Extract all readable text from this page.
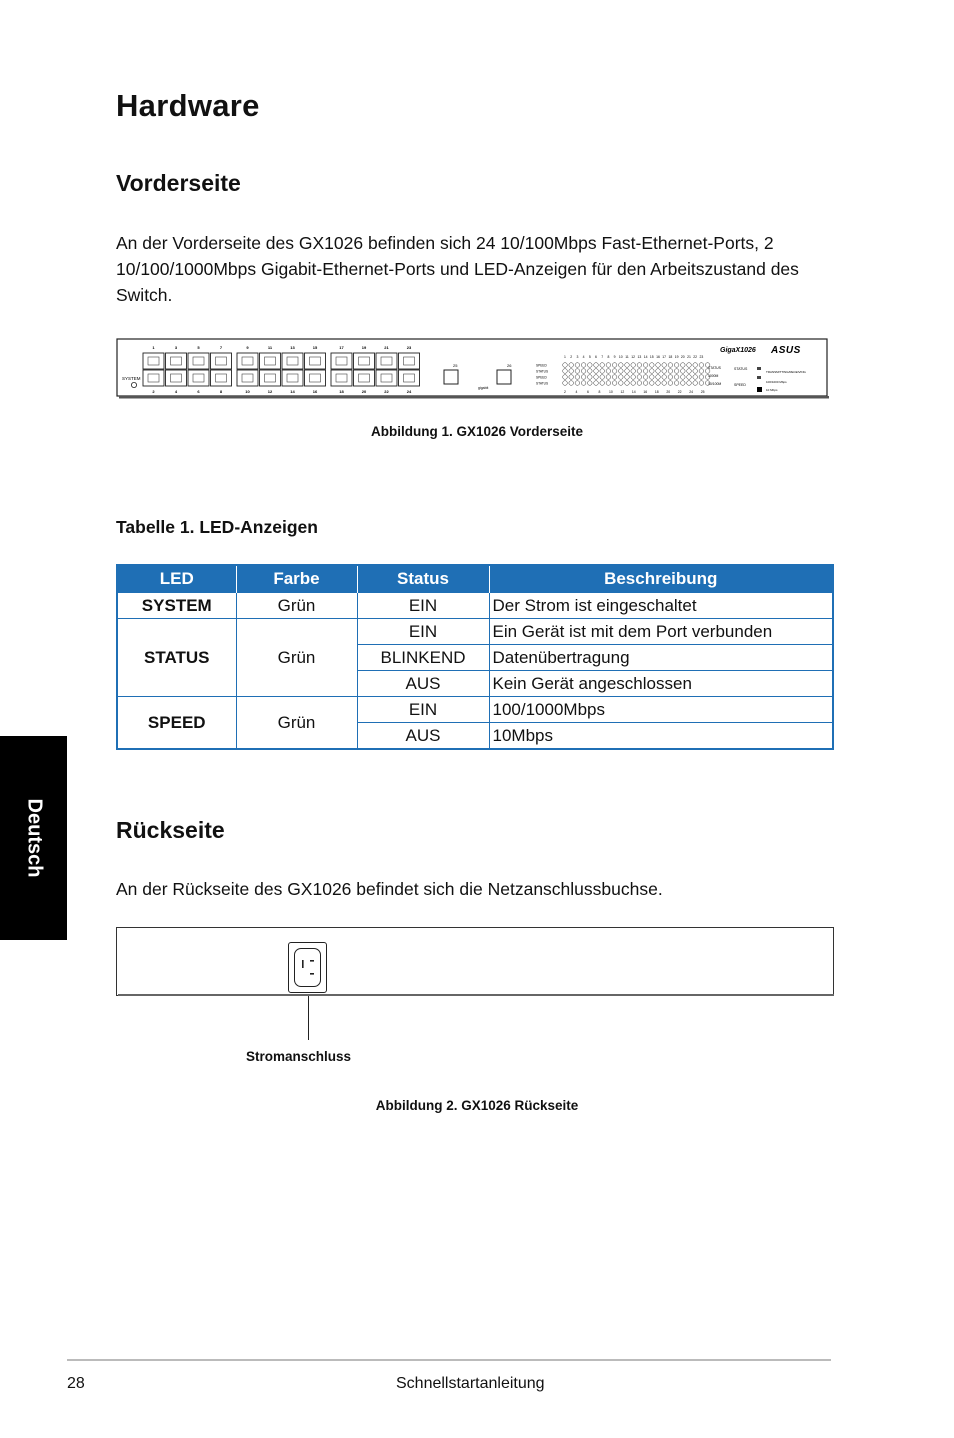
Hardware
Vorderseite
An der Vorderseite des GX1026 befinden sich 24 10/100Mbps Fast-Ethernet-Ports, 2 10/100/1000Mbps Gigabit-Ethernet-Ports und LED-Anzeigen für den Arbeitszustand des Switch.
SYSTEM
1	3	5	7	9	11	13	15	17	19	21	23
2	4	6	8	10	12	14	16	18	20	22	24
25	26
gigabit
SPEED
STATUS
SPEED
STATUS
1 2 3 4 5 6 7 8 9 10 11 12 13 14 15 16 17 18 19 20 21 22 23
2	4	6	8	10 12 14 16 18 20 22 24 25
STATUS
1000M
10/100M
GigaX1026 ASUS
STATUS
SPEED
TRANSMITTING/RECEIVING
100/1000 Mbps
10 Mbps
Abbildung 1. GX1026 Vorderseite
Tabelle 1. LED-Anzeigen
LED	Farbe	Status	Beschreibung
SYSTEM	Grün	EIN	Der Strom ist eingeschaltet
STATUS	Grün	EIN	Ein Gerät ist mit dem Port verbunden
		BLINKEND	Datenübertragung
		AUS	Kein Gerät angeschlossen
SPEED	Grün	EIN	100/1000Mbps
		AUS	10Mbps
Deutsch	Rückseite
An der Rückseite des GX1026 befindet sich die Netzanschlussbuchse.
Stromanschluss
Abbildung 2. GX1026 Rückseite
28	Schnellstartanleitung
